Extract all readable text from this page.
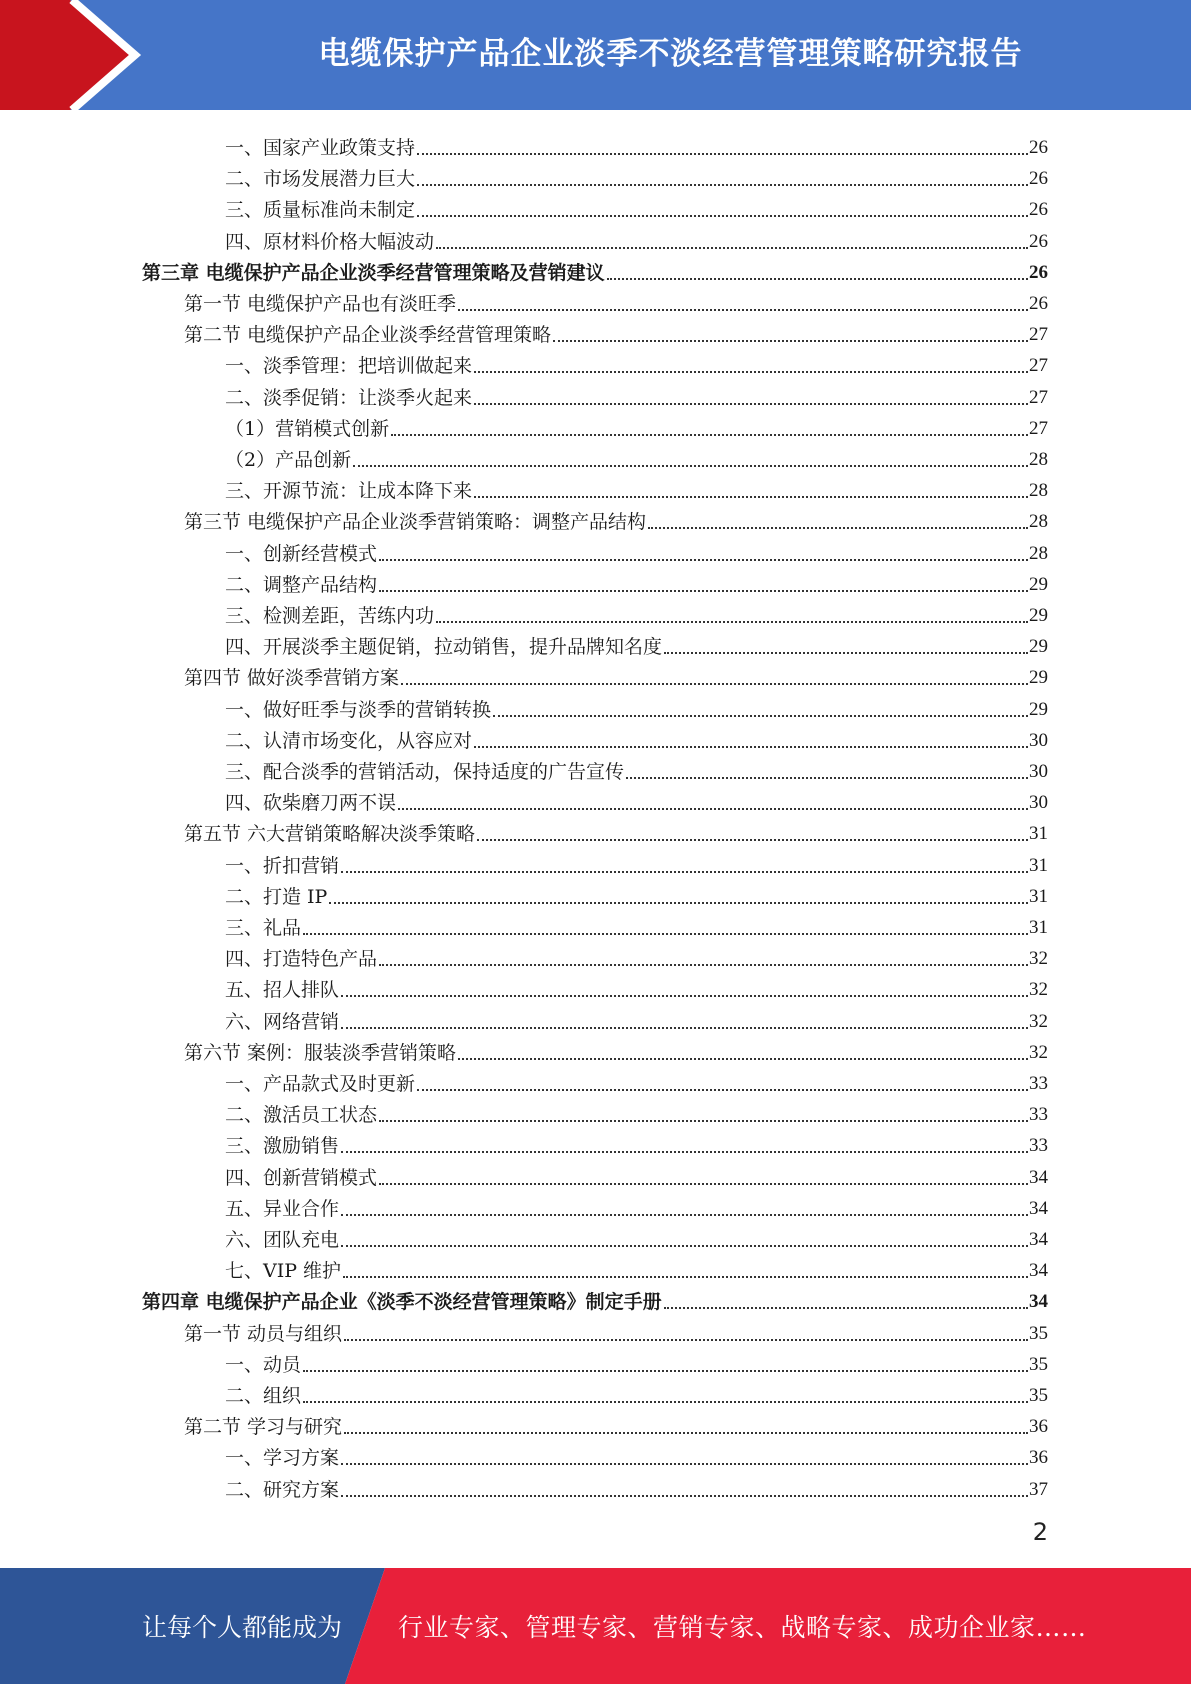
电缆保护产品企业淡季不淡经营管理策略研究报告
一、国家产业政策支持	26
二、市场发展潜力巨大	26
三、质量标准尚未制定	26
四、原材料价格大幅波动	26
第三章 电缆保护产品企业淡季经营管理策略及营销建议	26
第一节 电缆保护产品也有淡旺季	26
第二节 电缆保护产品企业淡季经营管理策略	27
一、淡季管理：把培训做起来	27
二、淡季促销：让淡季火起来	27
（1）营销模式创新	27
（2）产品创新	28
三、开源节流：让成本降下来	28
第三节 电缆保护产品企业淡季营销策略：调整产品结构	28
一、创新经营模式	28
二、调整产品结构	29
三、检测差距，苦练内功	29
四、开展淡季主题促销，拉动销售，提升品牌知名度	29
第四节 做好淡季营销方案	29
一、做好旺季与淡季的营销转换	29
二、认清市场变化，从容应对	30
三、配合淡季的营销活动，保持适度的广告宣传	30
四、砍柴磨刀两不误	30
第五节 六大营销策略解决淡季策略	31
一、折扣营销	31
二、打造 IP	31
三、礼品	31
四、打造特色产品	32
五、招人排队	32
六、网络营销	32
第六节 案例：服装淡季营销策略	32
一、产品款式及时更新	33
二、激活员工状态	33
三、激励销售	33
四、创新营销模式	34
五、异业合作	34
六、团队充电	34
七、VIP 维护	34
第四章 电缆保护产品企业《淡季不淡经营管理策略》制定手册	34
第一节 动员与组织	35
一、动员	35
二、组织	35
第二节 学习与研究	36
一、学习方案	36
二、研究方案	37
2
让每个人都能成为 行业专家、管理专家、营销专家、战略专家、成功企业家……
